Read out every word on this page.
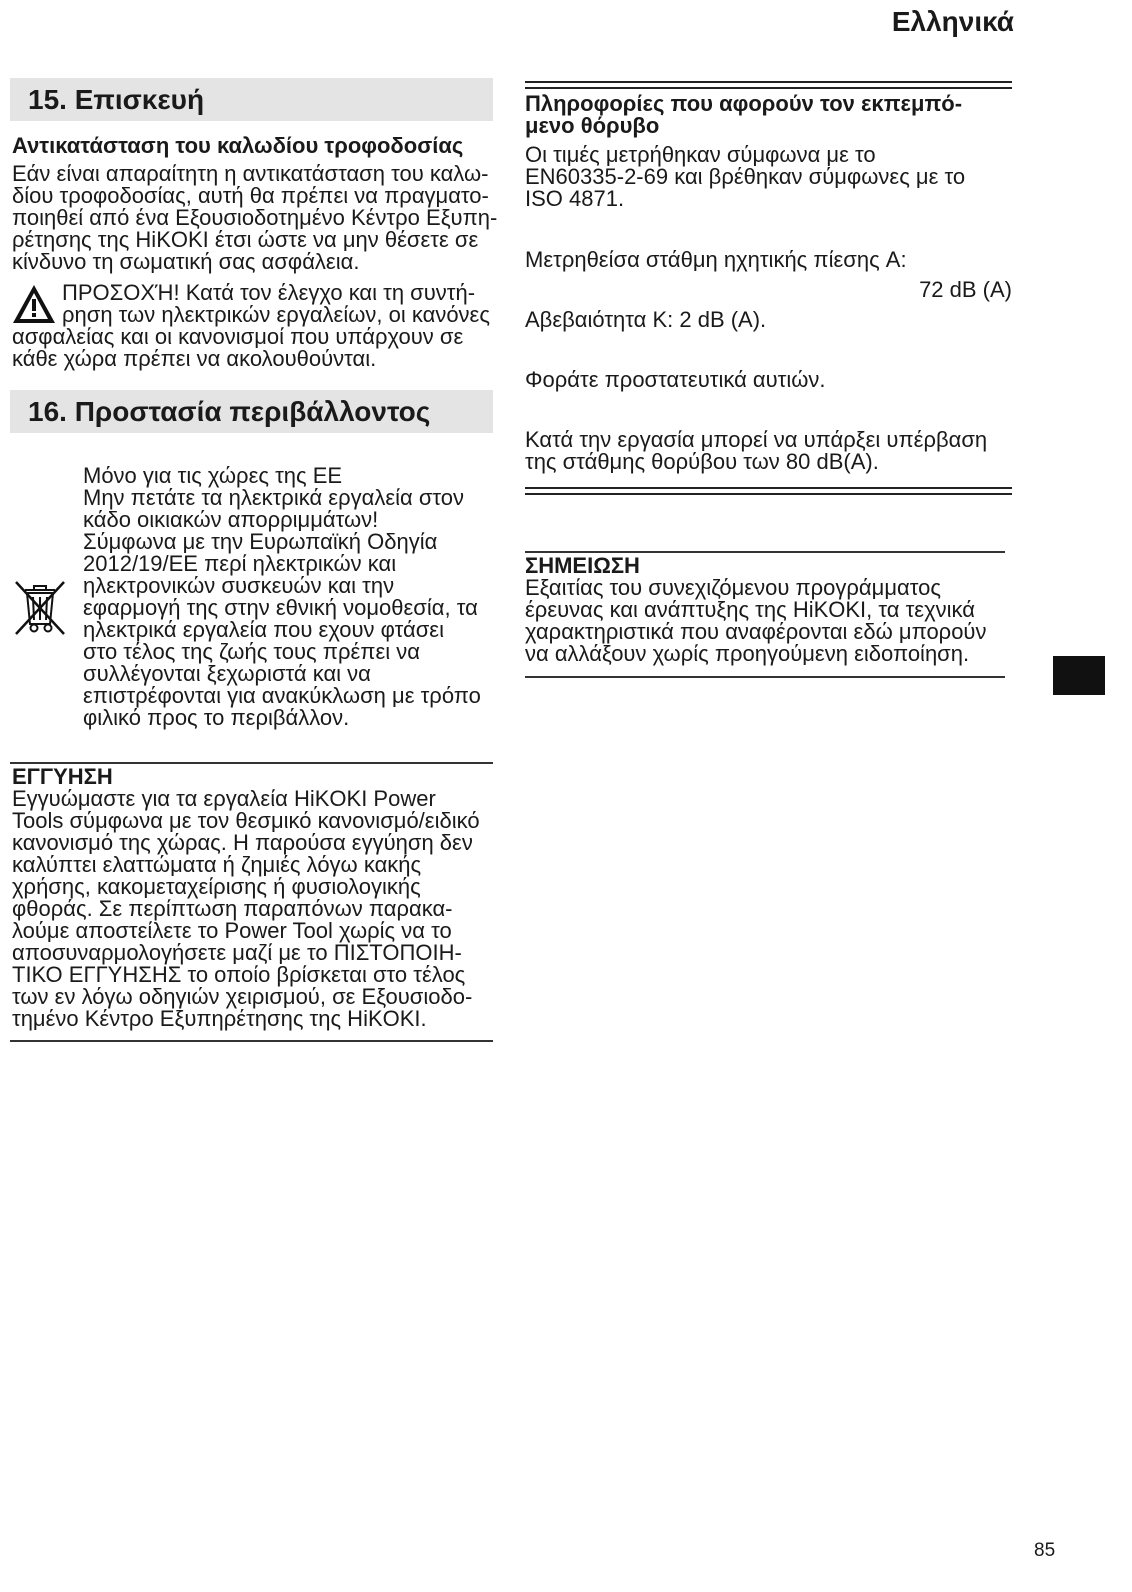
Ελληνικά
15. Επισκευή
Αντικατάσταση του καλωδίου τροφοδοσίας
Εάν είναι απαραίτητη η αντικατάσταση του καλω-
δίου τροφοδοσίας, αυτή θα πρέπει να πραγματο-
ποιηθεί από ένα Εξουσιοδοτημένο Κέντρο Εξυπη-
ρέτησης της HiKOKI έτσι ώστε να μην θέσετε σε
κίνδυνο τη σωματική σας ασφάλεια.
ΠΡΟΣΟΧΉ! Κατά τον έλεγχο και τη συντή-
ρηση των ηλεκτρικών εργαλείων, οι κανόνες
ασφαλείας και οι κανονισμοί που υπάρχουν σε
κάθε χώρα πρέπει να ακολουθούνται.
16. Προστασία περιβάλλοντος
Μόνο για τις χώρες της ΕΕ
Μην πετάτε τα ηλεκτρικά εργαλεία στον
κάδο οικιακών απορριμμάτων!
Σύμφωνα με την Ευρωπαϊκή Οδηγία
2012/19/ΕΕ περί ηλεκτρικών και
ηλεκτρονικών συσκευών και την
εφαρμογή της στην εθνική νομοθεσία, τα
ηλεκτρικά εργαλεία που εχουν φτάσει
στο τέλος της ζωής τους πρέπει να
συλλέγονται ξεχωριστά και να
επιστρέφονται για ανακύκλωση με τρόπο
φιλικό προς το περιβάλλον.
ΕΓΓΥΗΣΗ
Εγγυώμαστε για τα εργαλεία HiKOKI Power
Tools σύμφωνα με τον θεσμικό κανονισμό/ειδικό
κανονισμό της χώρας. Η παρούσα εγγύηση δεν
καλύπτει ελαττώματα ή ζημιές λόγω κακής
χρήσης, κακομεταχείρισης ή φυσιολογικής
φθοράς. Σε περίπτωση παραπόνων παρακα-
λούμε αποστείλετε το Power Tool χωρίς να το
αποσυναρμολογήσετε μαζί με το ΠΙΣΤΟΠΟΙΗ-
ΤΙΚΟ ΕΓΓΥΗΣΗΣ το οποίο βρίσκεται στο τέλος
των εν λόγω οδηγιών χειρισμού, σε Εξουσιοδο-
τημένο Κέντρο Εξυπηρέτησης της HiKOKI.
Πληροφορίες που αφορούν τον εκπεμπό-
μενο θόρυβο
Οι τιμές μετρήθηκαν σύμφωνα με το
EN60335-2-69 και βρέθηκαν σύμφωνες με το
ISO 4871.
Μετρηθείσα στάθμη ηχητικής πίεσης A:
72 dB (A)
Αβεβαιότητα K: 2 dB (A).
Φοράτε προστατευτικά αυτιών.
Κατά την εργασία μπορεί να υπάρξει υπέρβαση
της στάθμης θορύβου των 80 dB(A).
ΣΗΜΕΙΩΣΗ
Εξαιτίας του συνεχιζόμενου προγράμματος
έρευνας και ανάπτυξης της HiKOKI, τα τεχνικά
χαρακτηριστικά που αναφέρονται εδώ μπορούν
να αλλάξουν χωρίς προηγούμενη ειδοποίηση.
85
